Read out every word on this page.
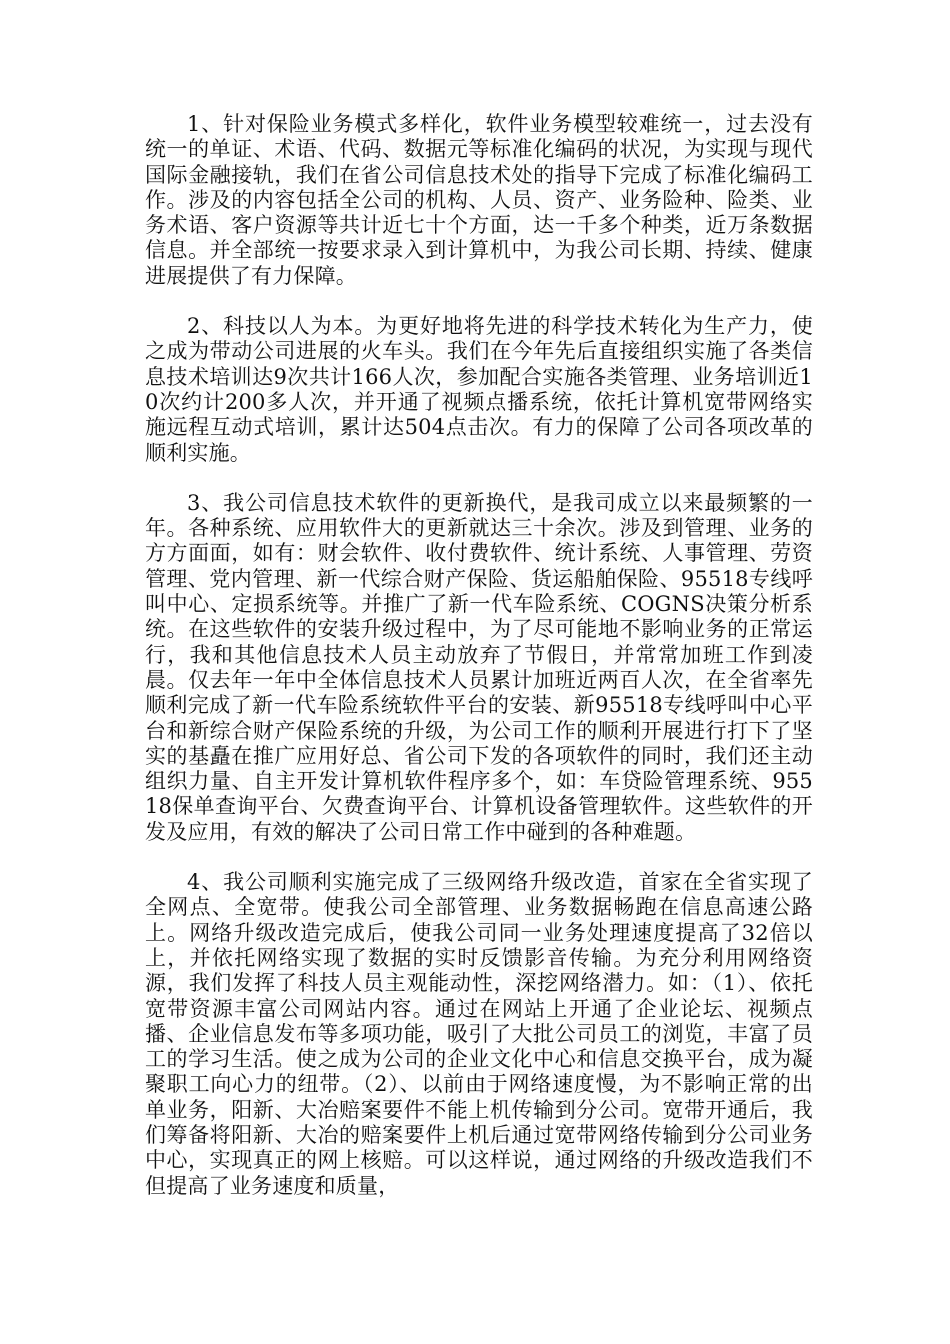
1、针对保险业务模式多样化，软件业务模型较难统一，过去没有统一的单证、术语、代码、数据元等标准化编码的状况，为实现与现代国际金融接轨，我们在省公司信息技术处的指导下完成了标准化编码工作。涉及的内容包括全公司的机构、人员、资产、业务险种、险类、业务术语、客户资源等共计近七十个方面，达一千多个种类，近万条数据信息。并全部统一按要求录入到计算机中，为我公司长期、持续、健康进展提供了有力保障。

2、科技以人为本。为更好地将先进的科学技术转化为生产力，使之成为带动公司进展的火车头。我们在今年先后直接组织实施了各类信息技术培训达9次共计166人次，参加配合实施各类管理、业务培训近10次约计200多人次，并开通了视频点播系统，依托计算机宽带网络实施远程互动式培训，累计达504点击次。有力的保障了公司各项改革的顺利实施。

3、我公司信息技术软件的更新换代，是我司成立以来最频繁的一年。各种系统、应用软件大的更新就达三十余次。涉及到管理、业务的方方面面，如有：财会软件、收付费软件、统计系统、人事管理、劳资管理、党内管理、新一代综合财产保险、货运船舶保险、95518专线呼叫中心、定损系统等。并推广了新一代车险系统、COGNS决策分析系统。在这些软件的安装升级过程中，为了尽可能地不影响业务的正常运行，我和其他信息技术人员主动放弃了节假日，并常常加班工作到凌晨。仅去年一年中全体信息技术人员累计加班近两百人次，在全省率先顺利完成了新一代车险系统软件平台的安装、新95518专线呼叫中心平台和新综合财产保险系统的升级，为公司工作的顺利开展进行打下了坚实的基矗在推广应用好总、省公司下发的各项软件的同时，我们还主动组织力量、自主开发计算机软件程序多个，如：车贷险管理系统、95518保单查询平台、欠费查询平台、计算机设备管理软件。这些软件的开发及应用，有效的解决了公司日常工作中碰到的各种难题。

4、我公司顺利实施完成了三级网络升级改造，首家在全省实现了全网点、全宽带。使我公司全部管理、业务数据畅跑在信息高速公路上。网络升级改造完成后，使我公司同一业务处理速度提高了32倍以上，并依托网络实现了数据的实时反馈影音传输。为充分利用网络资源，我们发挥了科技人员主观能动性，深挖网络潜力。如：（1）、依托宽带资源丰富公司网站内容。通过在网站上开通了企业论坛、视频点播、企业信息发布等多项功能，吸引了大批公司员工的浏览，丰富了员工的学习生活。使之成为公司的企业文化中心和信息交换平台，成为凝聚职工向心力的纽带。（2）、以前由于网络速度慢，为不影响正常的出单业务，阳新、大冶赔案要件不能上机传输到分公司。宽带开通后，我们筹备将阳新、大冶的赔案要件上机后通过宽带网络传输到分公司业务中心，实现真正的网上核赔。可以这样说，通过网络的升级改造我们不但提高了业务速度和质量，
